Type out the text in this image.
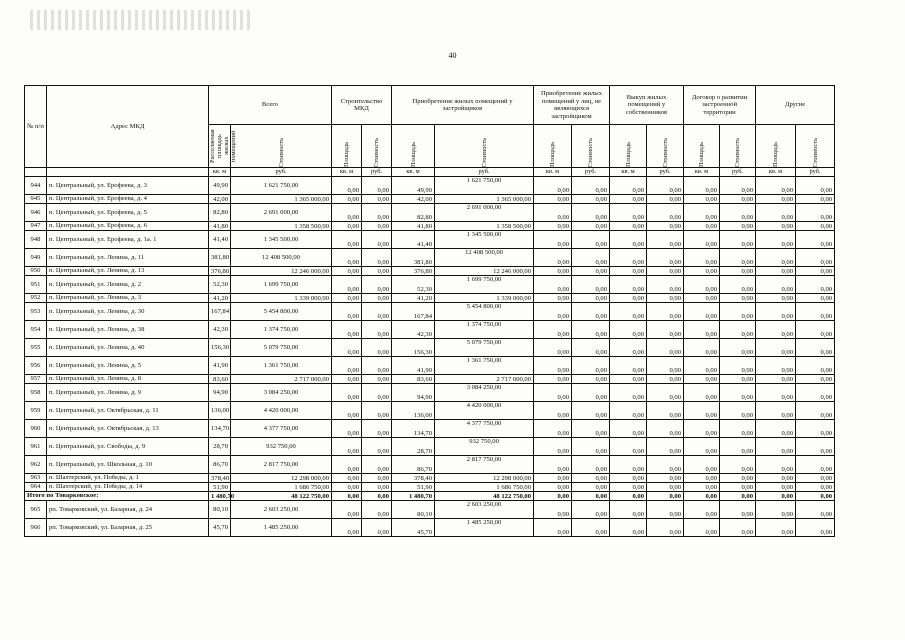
40
№ п/п	Адрес МКД	Всего		Строительство МКД		Приобретение жилых помещений у застройщиков		Приобретение жилых помещений у лиц, не являющихся застройщиком		Выкуп жилых помещений у собственников		Договор о развитии застроенной территории		Другие	

		Расселяемая площадь жилых помещений	Стоимость	Площадь	Стоимость	Площадь	Стоимость	Площадь	Стоимость	Площадь	Стоимость	Площадь	Стоимость	Площадь	Стоимость

		кв. м	руб.	кв. м	руб.	кв. м	руб.	кв. м	руб.	кв. м	руб.	кв. м	руб.	кв. м	руб.
944	п. Центральный, ул. Ерофеева, д. 3	49,90	1 621 750,00	0,00	0,00	49,90	1 621 750,00	0,00	0,00	0,00	0,00	0,00	0,00	0,00	0,00
945	п. Центральный, ул. Ерофеева, д. 4	42,00	1 365 000,00	0,00	0,00	42,00	1 365 000,00	0,00	0,00	0,00	0,00	0,00	0,00	0,00	0,00
946	п. Центральный, ул. Ерофеева, д. 5	82,80	2 691 000,00	0,00	0,00	82,80	2 691 000,00	0,00	0,00	0,00	0,00	0,00	0,00	0,00	0,00
947	п. Центральный, ул. Ерофеева, д. 6	41,80	1 358 500,00	0,00	0,00	41,80	1 358 500,00	0,00	0,00	0,00	0,00	0,00	0,00	0,00	0,00
948	п. Центральный, ул. Ерофеева, д. 1а. 1	41,40	1 345 500,00	0,00	0,00	41,40	1 345 500,00	0,00	0,00	0,00	0,00	0,00	0,00	0,00	0,00
949	п. Центральный, ул. Ленина, д. 11	381,80	12 408 500,00	0,00	0,00	381,80	12 408 500,00	0,00	0,00	0,00	0,00	0,00	0,00	0,00	0,00
950	п. Центральный, ул. Ленина, д. 13	376,80	12 246 000,00	0,00	0,00	376,80	12 246 000,00	0,00	0,00	0,00	0,00	0,00	0,00	0,00	0,00
951	п. Центральный, ул. Ленина, д. 2	52,30	1 699 750,00	0,00	0,00	52,30	1 699 750,00	0,00	0,00	0,00	0,00	0,00	0,00	0,00	0,00
952	п. Центральный, ул. Ленина, д. 3	41,20	1 339 000,00	0,00	0,00	41,20	1 339 000,00	0,00	0,00	0,00	0,00	0,00	0,00	0,00	0,00
953	п. Центральный, ул. Ленина, д. 30	167,84	5 454 800,00	0,00	0,00	167,84	5 454 800,00	0,00	0,00	0,00	0,00	0,00	0,00	0,00	0,00
954	п. Центральный, ул. Ленина, д. 38	42,30	1 374 750,00	0,00	0,00	42,30	1 374 750,00	0,00	0,00	0,00	0,00	0,00	0,00	0,00	0,00
955	п. Центральный, ул. Ленина, д. 40	156,30	5 079 750,00	0,00	0,00	156,30	5 079 750,00	0,00	0,00	0,00	0,00	0,00	0,00	0,00	0,00
956	п. Центральный, ул. Ленина, д. 5	41,90	1 361 750,00	0,00	0,00	41,90	1 361 750,00	0,00	0,00	0,00	0,00	0,00	0,00	0,00	0,00
957	п. Центральный, ул. Ленина, д. 8	83,60	2 717 000,00	0,00	0,00	83,60	2 717 000,00	0,00	0,00	0,00	0,00	0,00	0,00	0,00	0,00
958	п. Центральный, ул. Ленина, д. 9	94,90	3 084 250,00	0,00	0,00	94,90	3 084 250,00	0,00	0,00	0,00	0,00	0,00	0,00	0,00	0,00
959	п. Центральный, ул. Октябрьская, д. 11	136,00	4 420 000,00	0,00	0,00	136,00	4 420 000,00	0,00	0,00	0,00	0,00	0,00	0,00	0,00	0,00
960	п. Центральный, ул. Октябрьская, д. 13	134,70	4 377 750,00	0,00	0,00	134,70	4 377 750,00	0,00	0,00	0,00	0,00	0,00	0,00	0,00	0,00
961	п. Центральный, ул. Свободы, д. 9	28,70	932 750,00	0,00	0,00	28,70	932 750,00	0,00	0,00	0,00	0,00	0,00	0,00	0,00	0,00
962	п. Центральный, ул. Школьная, д. 10	86,70	2 817 750,00	0,00	0,00	86,70	2 817 750,00	0,00	0,00	0,00	0,00	0,00	0,00	0,00	0,00
963	п. Шахтерский, ул. Победы, д. 1	378,40	12 298 000,00	0,00	0,00	378,40	12 298 000,00	0,00	0,00	0,00	0,00	0,00	0,00	0,00	0,00
964	п. Шахтерский, ул. Победы, д. 14	51,90	1 686 750,00	0,00	0,00	51,90	1 686 750,00	0,00	0,00	0,00	0,00	0,00	0,00	0,00	0,00
Итого по Товарковское:		1 480,70	48 122 750,00	0,00	0,00	1 480,70	48 122 750,00	0,00	0,00	0,00	0,00	0,00	0,00	0,00	0,00
965	рп. Товарковский, ул. Базарная, д. 24	80,10	2 603 250,00	0,00	0,00	80,10	2 603 250,00	0,00	0,00	0,00	0,00	0,00	0,00	0,00	0,00
966	рп. Товарковский, ул. Базарная, д. 25	45,70	1 485 250,00	0,00	0,00	45,70	1 485 250,00	0,00	0,00	0,00	0,00	0,00	0,00	0,00	0,00
